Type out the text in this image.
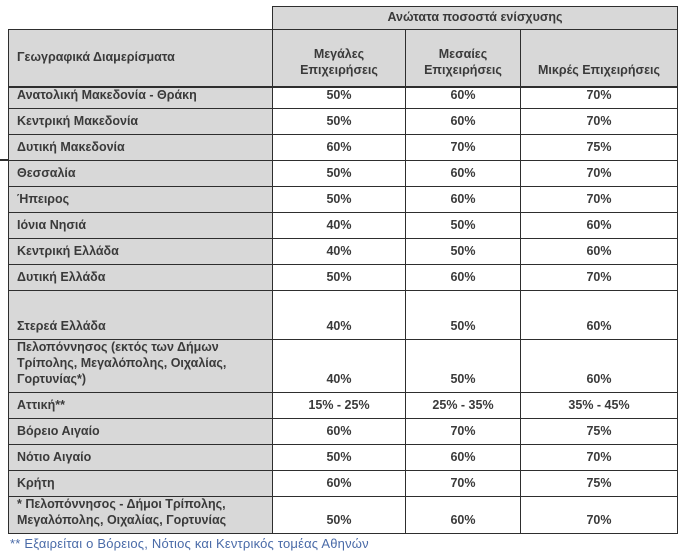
	Ανώτατα ποσοστά ενίσχυσης		
Γεωγραφικά Διαμερίσματα	Μεγάλες Επιχειρήσεις	Μεσαίες Επιχειρήσεις	Μικρές Επιχειρήσεις
Ανατολική Μακεδονία - Θράκη	50%	60%	70%
Κεντρική Μακεδονία	50%	60%	70%
Δυτική Μακεδονία	60%	70%	75%
Θεσσαλία	50%	60%	70%
Ήπειρος	50%	60%	70%
Ιόνια Νησιά	40%	50%	60%
Κεντρική Ελλάδα	40%	50%	60%
Δυτική Ελλάδα	50%	60%	70%
Στερεά Ελλάδα	40%	50%	60%
Πελοπόννησος (εκτός των Δήμων Τρίπολης, Μεγαλόπολης, Οιχαλίας, Γορτυνίας*)	40%	50%	60%
Αττική**	15% - 25%	25% - 35%	35% - 45%
Βόρειο Αιγαίο	60%	70%	75%
Νότιο Αιγαίο	50%	60%	70%
Κρήτη	60%	70%	75%
* Πελοπόννησος - Δήμοι Τρίπολης, Μεγαλόπολης, Οιχαλίας, Γορτυνίας	50%	60%	70%
** Εξαιρείται ο Βόρειος, Νότιος και Κεντρικός τομέας Αθηνών
